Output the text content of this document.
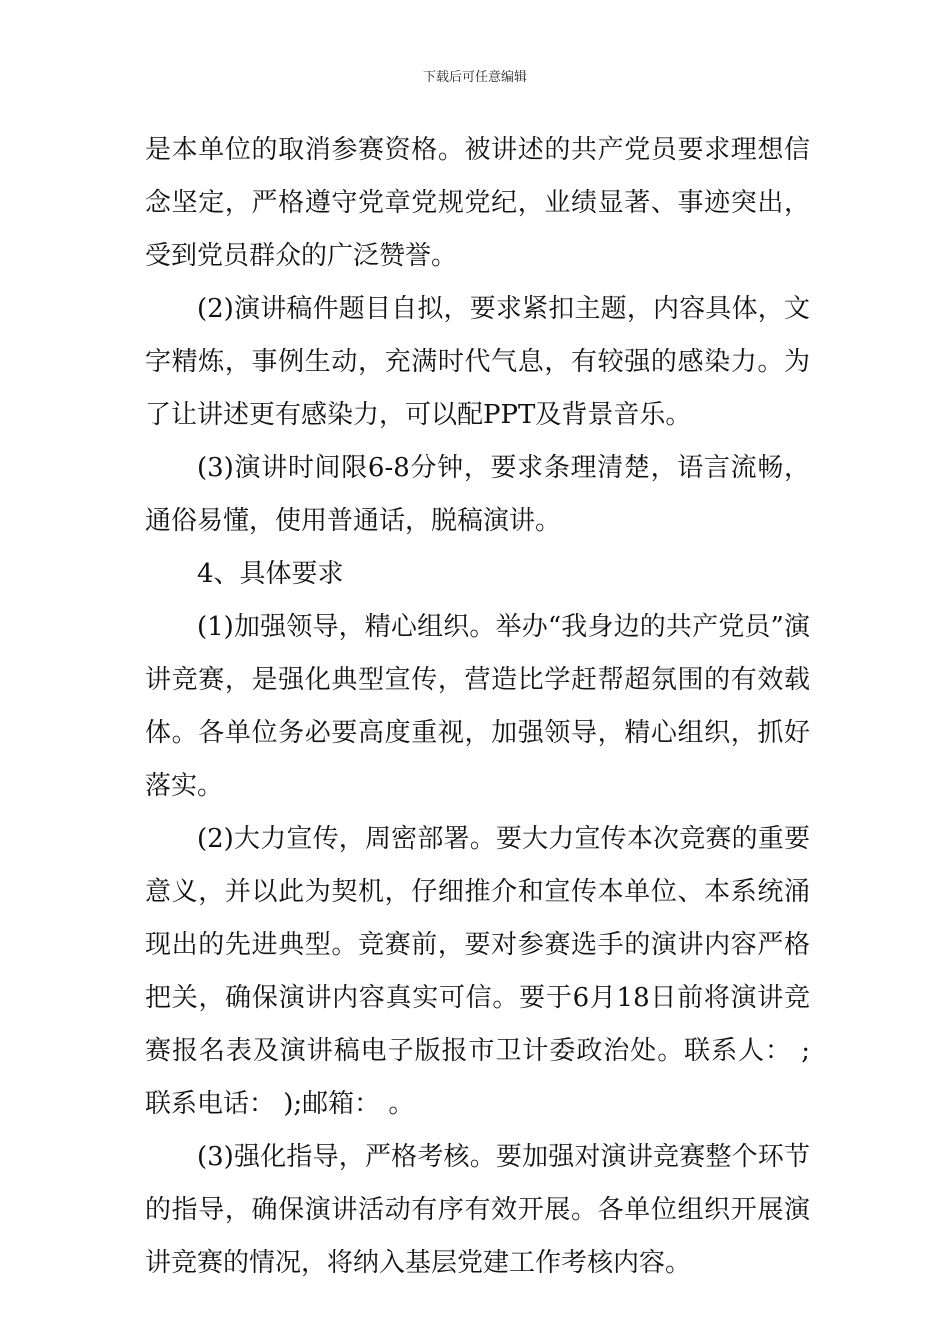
下载后可任意编辑

是本单位的取消参赛资格。被讲述的共产党员要求理想信念坚定，严格遵守党章党规党纪，业绩显著、事迹突出，受到党员群众的广泛赞誉。

(2)演讲稿件题目自拟，要求紧扣主题，内容具体，文字精炼，事例生动，充满时代气息，有较强的感染力。为了让讲述更有感染力，可以配PPT及背景音乐。

(3)演讲时间限6-8分钟，要求条理清楚，语言流畅，通俗易懂，使用普通话，脱稿演讲。

4、具体要求

(1)加强领导，精心组织。举办“我身边的共产党员”演讲竞赛，是强化典型宣传，营造比学赶帮超氛围的有效载体。各单位务必要高度重视，加强领导，精心组织，抓好落实。

(2)大力宣传，周密部署。要大力宣传本次竞赛的重要意义，并以此为契机，仔细推介和宣传本单位、本系统涌现出的先进典型。竞赛前，要对参赛选手的演讲内容严格把关，确保演讲内容真实可信。要于6月18日前将演讲竞赛报名表及演讲稿电子版报市卫计委政治处。联系人： ;联系电话： );邮箱： 。

(3)强化指导，严格考核。要加强对演讲竞赛整个环节的指导，确保演讲活动有序有效开展。各单位组织开展演讲竞赛的情况，将纳入基层党建工作考核内容。
